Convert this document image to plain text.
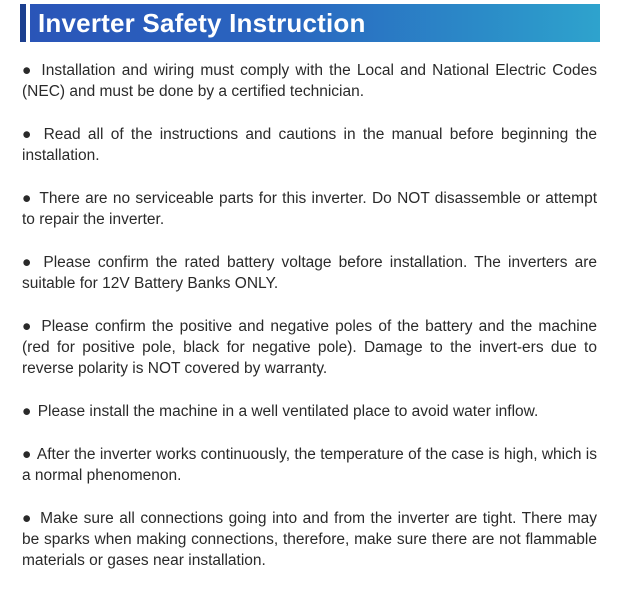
Inverter Safety Instruction
● Installation and wiring must comply with the Local and National Electric Codes (NEC) and must be done by a certified technician.
● Read all of the instructions and cautions in the manual before beginning the installation.
● There are no serviceable parts for this inverter. Do NOT disassemble or attempt to repair the inverter.
● Please confirm the rated battery voltage before installation. The inverters are suitable for 12V Battery Banks ONLY.
● Please confirm the positive and negative poles of the battery and the machine (red for positive pole, black for negative pole). Damage to the invert-ers due to reverse polarity is NOT covered by warranty.
● Please install the machine in a well ventilated place to avoid water inflow.
● After the inverter works continuously, the temperature of the case is high, which is a normal phenomenon.
● Make sure all connections going into and from the inverter are tight. There may be sparks when making connections, therefore, make sure there are not flammable materials or gases near installation.
